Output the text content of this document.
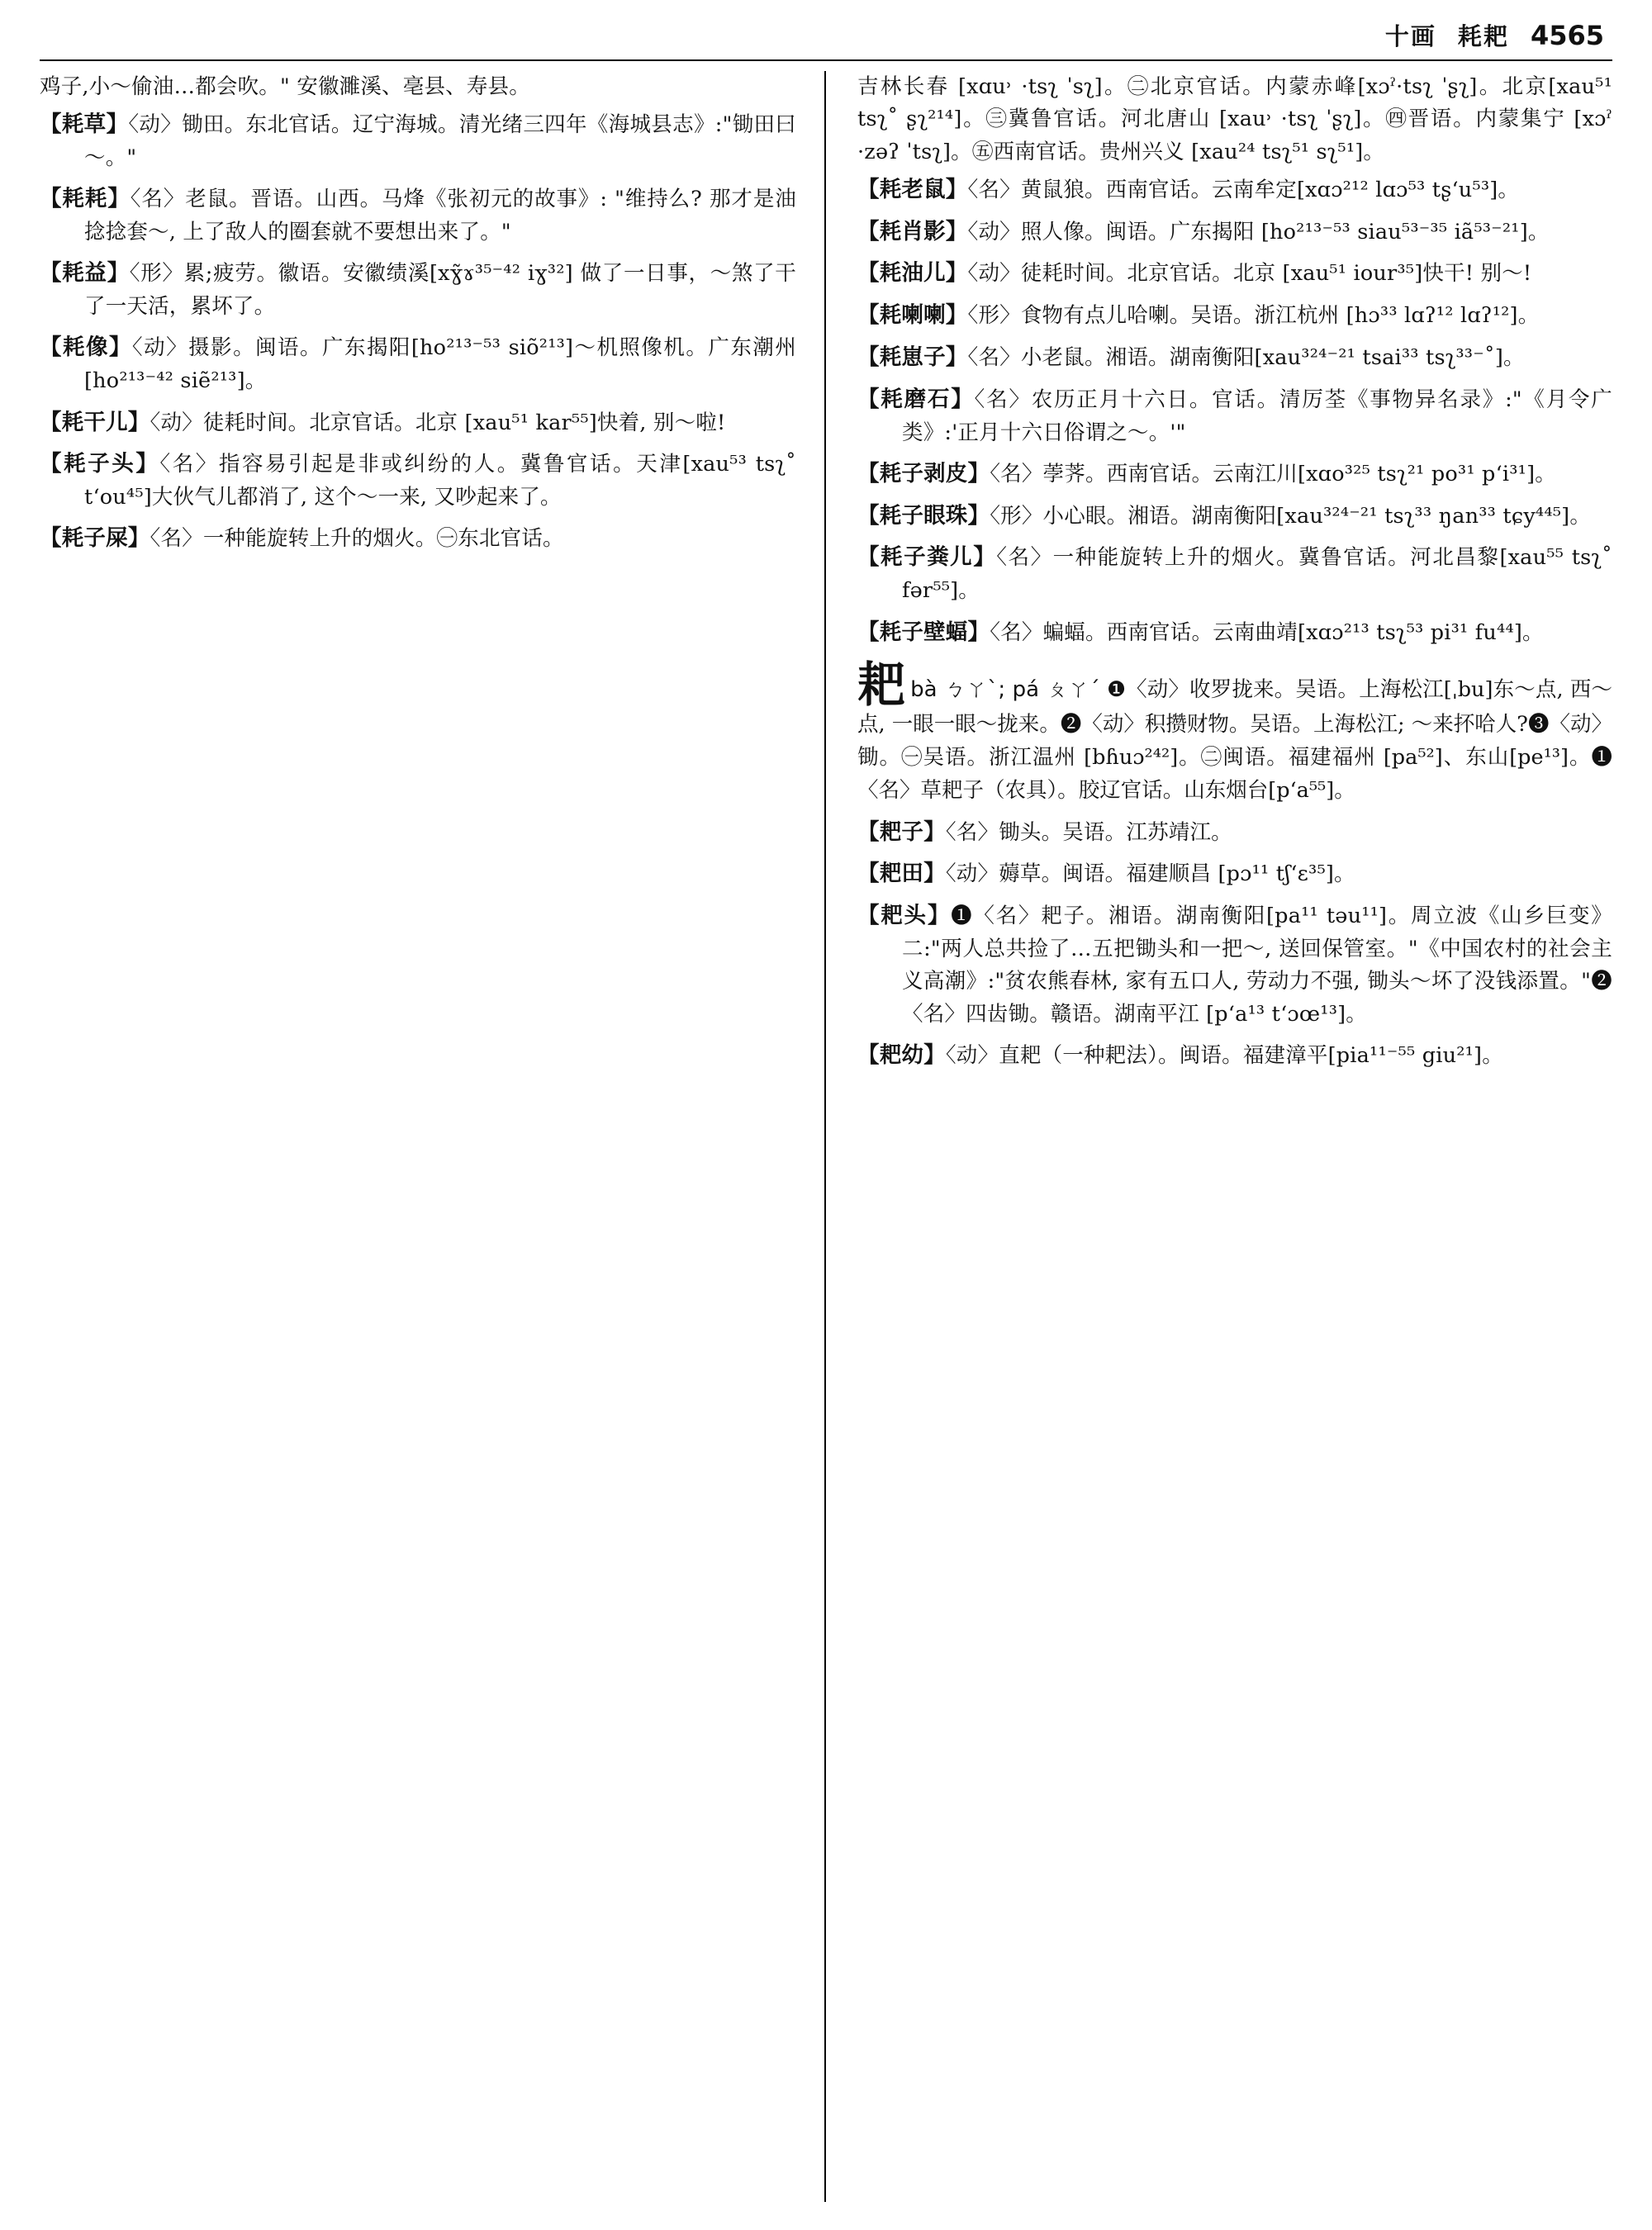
十画 耗耙 4565

鸡子,小～偷油…都会吹。" 安徽濉溪、亳县、寿县。

【耗草】〈动〉锄田。东北官话。辽宁海城。清光绪三四年《海城县志》:"锄田曰～。"

【耗耗】〈名〉老鼠。晋语。山西。马烽《张初元的故事》: "维持么? 那才是油捻捻套～, 上了敌人的圈套就不要想出来了。"

【耗益】〈形〉累;疲劳。徽语。安徽绩溪[xɣ̃ɤ³⁵⁻⁴² iɣ³²] 做了一日事，～煞了干了一天活，累坏了。

【耗像】〈动〉摄影。闽语。广东揭阳[ho²¹³⁻⁵³ siõ²¹³]～机照像机。广东潮州[ho²¹³⁻⁴² siẽ²¹³]。

【耗干儿】〈动〉徒耗时间。北京官话。北京 [xau⁵¹ kar⁵⁵]快着, 别～啦!

【耗子头】〈名〉指容易引起是非或纠纷的人。冀鲁官话。天津[xau⁵³ tsʅ˚ tʻou⁴⁵]大伙气儿都消了, 这个～一来, 又吵起来了。

【耗子屎】〈名〉一种能旋转上升的烟火。㊀东北官话。

吉林长春 [xɑu˒ ·tsʅ ˈsʅ]。㊁北京官话。内蒙赤峰[xɔˀ·tsʅ ˈʂʅ]。北京[xau⁵¹ tsʅ˚ ʂʅ²¹⁴]。㊂冀鲁官话。河北唐山 [xau˒ ·tsʅ ˈʂʅ]。㊃晋语。内蒙集宁 [xɔˀ ·zəʔ ˈtsʅ]。㊄西南官话。贵州兴义 [xau²⁴ tsʅ⁵¹ sʅ⁵¹]。

【耗老鼠】〈名〉黄鼠狼。西南官话。云南牟定[xɑɔ²¹² lɑɔ⁵³ tʂʻu⁵³]。

【耗肖影】〈动〉照人像。闽语。广东揭阳 [ho²¹³⁻⁵³ siau⁵³⁻³⁵ iã⁵³⁻²¹]。

【耗油儿】〈动〉徒耗时间。北京官话。北京 [xau⁵¹ iour³⁵]快干! 别～!

【耗喇喇】〈形〉食物有点儿哈喇。吴语。浙江杭州 [hɔ³³ lɑʔ¹² lɑʔ¹²]。

【耗崽子】〈名〉小老鼠。湘语。湖南衡阳[xau³²⁴⁻²¹ tsai³³ tsʅ³³⁻˚]。

【耗磨石】〈名〉农历正月十六日。官话。清厉荃《事物异名录》:"《月令广类》:'正月十六日俗谓之～。'"

【耗子剥皮】〈名〉荸荠。西南官话。云南江川[xɑo³²⁵ tsʅ²¹ po³¹ pʻi³¹]。

【耗子眼珠】〈形〉小心眼。湘语。湖南衡阳[xau³²⁴⁻²¹ tsʅ³³ ŋan³³ tɕy⁴⁴⁵]。

【耗子粪儿】〈名〉一种能旋转上升的烟火。冀鲁官话。河北昌黎[xau⁵⁵ tsʅ˚ fər⁵⁵]。

【耗子壁蝠】〈名〉蝙蝠。西南官话。云南曲靖[xɑɔ²¹³ tsʅ⁵³ pi³¹ fu⁴⁴]。

耙bà ㄅㄚˋ; pá ㄆㄚˊ ❶〈动〉收罗拢来。吴语。上海松江[ˌbu]东～点, 西～点, 一眼一眼～拢来。❷〈动〉积攒财物。吴语。上海松江; ～来抔哈人?❸〈动〉锄。㊀吴语。浙江温州 [bɦuɔ²⁴²]。㊁闽语。福建福州 [pa⁵²]、东山[pe¹³]。❶〈名〉草耙子（农具）。胶辽官话。山东烟台[pʻa⁵⁵]。

【耙子】〈名〉锄头。吴语。江苏靖江。

【耙田】〈动〉薅草。闽语。福建顺昌 [pɔ¹¹ tʃʻɛ³⁵]。

【耙头】❶〈名〉耙子。湘语。湖南衡阳[pa¹¹ təu¹¹]。周立波《山乡巨变》二:"两人总共捡了…五把锄头和一把～, 送回保管室。"《中国农村的社会主义高潮》:"贫农熊春林, 家有五口人, 劳动力不强, 锄头～坏了没钱添置。"❷〈名〉四齿锄。赣语。湖南平江 [pʻa¹³ tʻɔœ¹³]。

【耙幼】〈动〉直耙（一种耙法）。闽语。福建漳平[pia¹¹⁻⁵⁵ giu²¹]。
